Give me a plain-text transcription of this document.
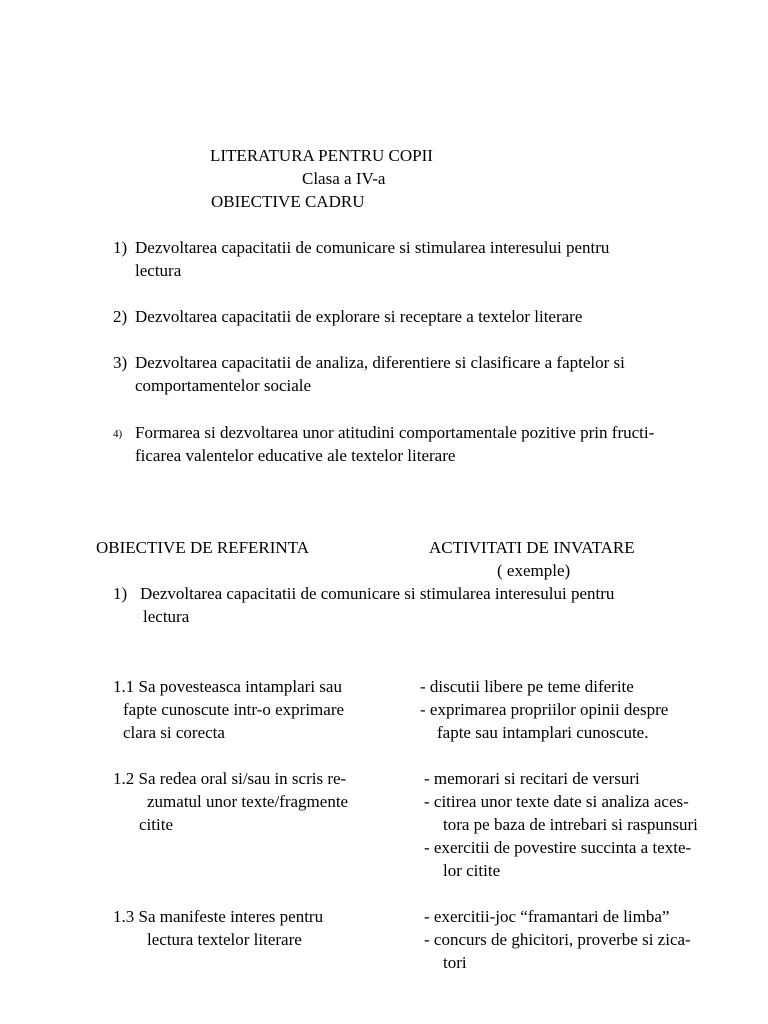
LITERATURA PENTRU COPII
Clasa a IV-a
OBIECTIVE CADRU
1) Dezvoltarea capacitatii de comunicare si stimularea interesului pentru
lectura
2) Dezvoltarea capacitatii de explorare si receptare a textelor literare
3) Dezvoltarea capacitatii de analiza, diferentiere si clasificare a faptelor si
comportamentelor sociale
4) Formarea si dezvoltarea unor atitudini comportamentale pozitive prin fructi-
ficarea valentelor educative ale textelor literare
OBIECTIVE DE REFERINTA	ACTIVITATI DE INVATARE
( exemple)
1) Dezvoltarea capacitatii de comunicare si stimularea interesului pentru
lectura
1.1 Sa povesteasca intamplari sau
fapte cunoscute intr-o exprimare
clara si corecta
- discutii libere pe teme diferite
- exprimarea propriilor opinii despre
fapte sau intamplari cunoscute.
1.2 Sa redea oral si/sau in scris re-
zumatul unor texte/fragmente
citite
- memorari si recitari de versuri
- citirea unor texte date si analiza aces-
tora pe baza de intrebari si raspunsuri
- exercitii de povestire succinta a texte-
lor citite
1.3 Sa manifeste interes pentru
lectura textelor literare
- exercitii-joc “framantari de limba”
- concurs de ghicitori, proverbe si zica-
tori
